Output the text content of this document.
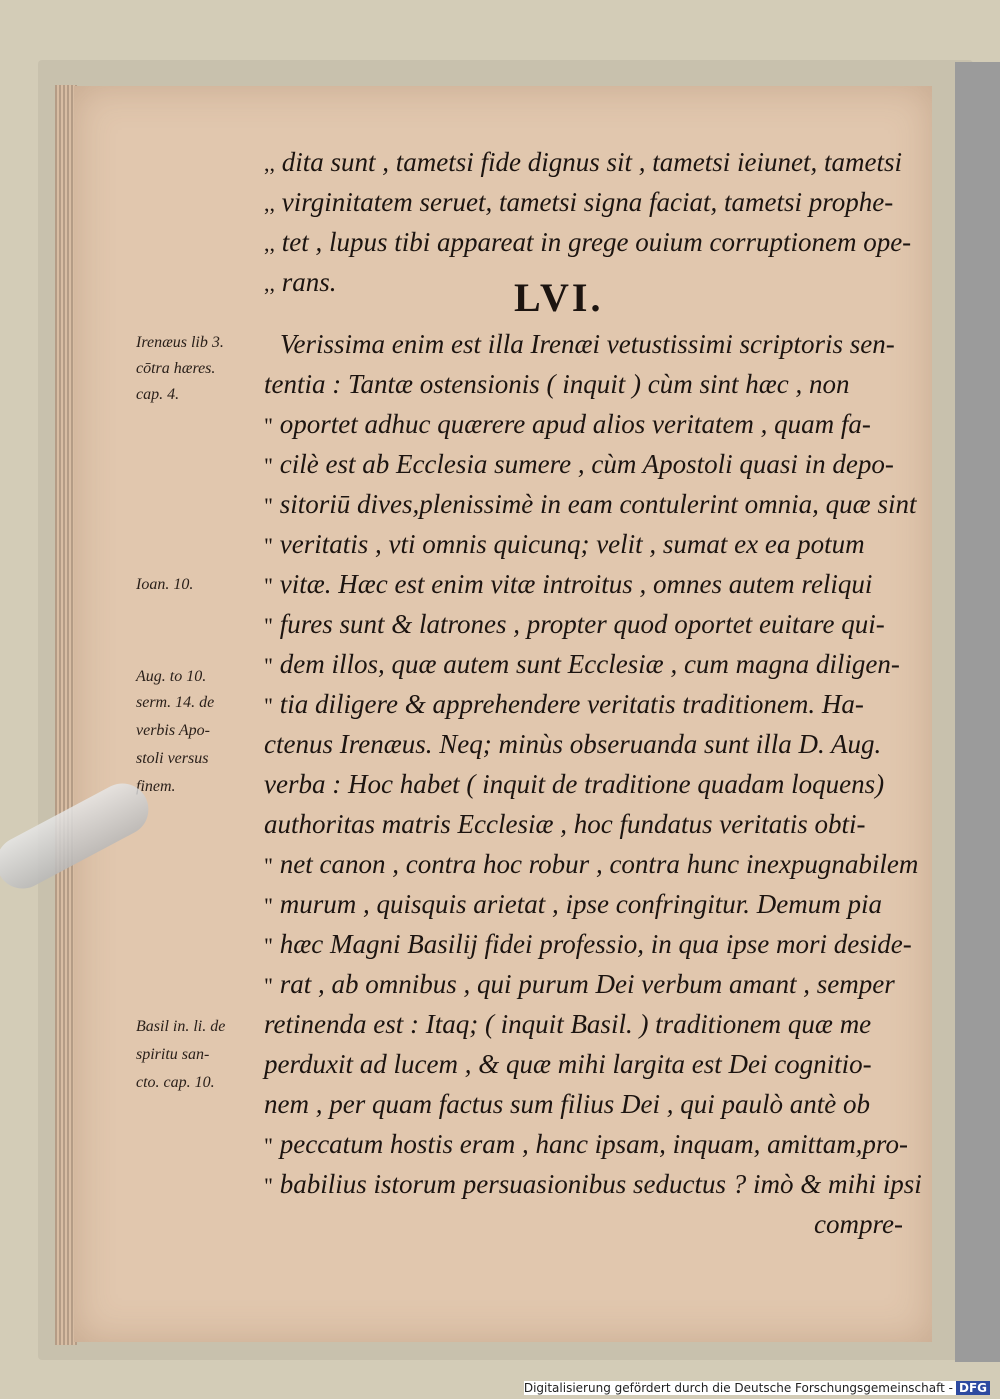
,, dita sunt , tametsi fide dignus sit , tametsi ieiunet, tametsi
,, virginitatem seruet, tametsi signa faciat, tametsi prophe-
,, tet , lupus tibi appareat in grege ouium corruptionem ope-
,, rans.	LVI.
Verissima enim est illa Irenæi vetustissimi scriptoris sen-
tentia : Tantæ ostensionis ( inquit ) cùm sint hæc , non
" oportet adhuc quærere apud alios veritatem , quam fa-
" cilè est ab Ecclesia sumere , cùm Apostoli quasi in depo-
" sitoriū dives,plenissimè in eam contulerint omnia, quæ sint
" veritatis , vti omnis quicunq; velit , sumat ex ea potum
" vitæ. Hæc est enim vitæ introitus , omnes autem reliqui
" fures sunt & latrones , propter quod oportet euitare qui-
" dem illos, quæ autem sunt Ecclesiæ , cum magna diligen-
" tia diligere & apprehendere veritatis traditionem. Ha-
ctenus Irenæus. Neq; minùs obseruanda sunt illa D. Aug.
verba : Hoc habet ( inquit de traditione quadam loquens)
authoritas matris Ecclesiæ , hoc fundatus veritatis obti-
" net canon , contra hoc robur , contra hunc inexpugnabilem
" murum , quisquis arietat , ipse confringitur. Demum pia
" hæc Magni Basilij fidei professio, in qua ipse mori deside-
" rat , ab omnibus , qui purum Dei verbum amant , semper
retinenda est : Itaq; ( inquit Basil. ) traditionem quæ me
perduxit ad lucem , & quæ mihi largita est Dei cognitio-
nem , per quam factus sum filius Dei , qui paulò antè ob
" peccatum hostis eram , hanc ipsam, inquam, amittam,pro-
" babilius istorum persuasionibus seductus ? imò & mihi ipsi
compre-
Irenæus lib 3.
cōtra hæres.
cap. 4.
Ioan. 10.
Aug. to 10.
serm. 14. de
verbis Apo-
stoli versus
finem.
Basil in. li. de
spiritu san-
cto. cap. 10.
Digitalisierung gefördert durch die Deutsche Forschungsgemeinschaft - DFG
